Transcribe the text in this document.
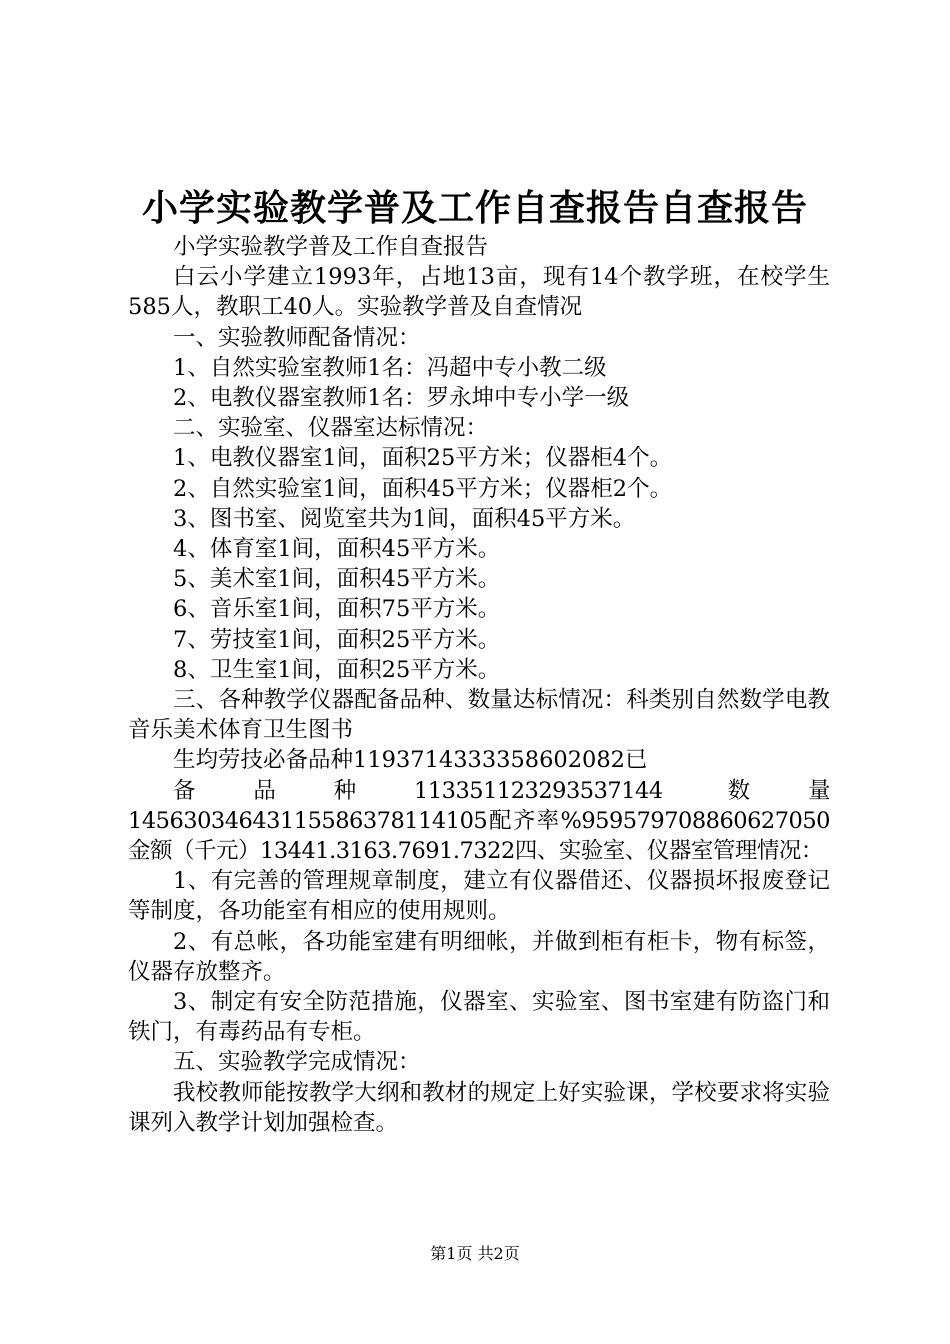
小学实验教学普及工作自查报告自查报告

小学实验教学普及工作自查报告

白云小学建立1993年，占地13亩，现有14个教学班，在校学生585人，教职工40人。实验教学普及自查情况

一、实验教师配备情况：

1、自然实验室教师1名：冯超中专小教二级

2、电教仪器室教师1名：罗永坤中专小学一级

二、实验室、仪器室达标情况：

1、电教仪器室1间，面积25平方米；仪器柜4个。

2、自然实验室1间，面积45平方米；仪器柜2个。

3、图书室、阅览室共为1间，面积45平方米。

4、体育室1间，面积45平方米。

5、美术室1间，面积45平方米。

6、音乐室1间，面积75平方米。

7、劳技室1间，面积25平方米。

8、卫生室1间，面积25平方米。

三、各种教学仪器配备品种、数量达标情况：科类别自然数学电教音乐美术体育卫生图书

生均劳技必备品种1193714333358602082已

备品种113351123293537144 数量14563034643115586378114105配齐率%959579708860627050金额（千元）13441.3163.7691.7322四、实验室、仪器室管理情况：

1、有完善的管理规章制度，建立有仪器借还、仪器损坏报废登记等制度，各功能室有相应的使用规则。

2、有总帐，各功能室建有明细帐，并做到柜有柜卡，物有标签，仪器存放整齐。

3、制定有安全防范措施，仪器室、实验室、图书室建有防盗门和铁门，有毒药品有专柜。

五、实验教学完成情况：

我校教师能按教学大纲和教材的规定上好实验课，学校要求将实验课列入教学计划加强检查。

第1页 共2页
